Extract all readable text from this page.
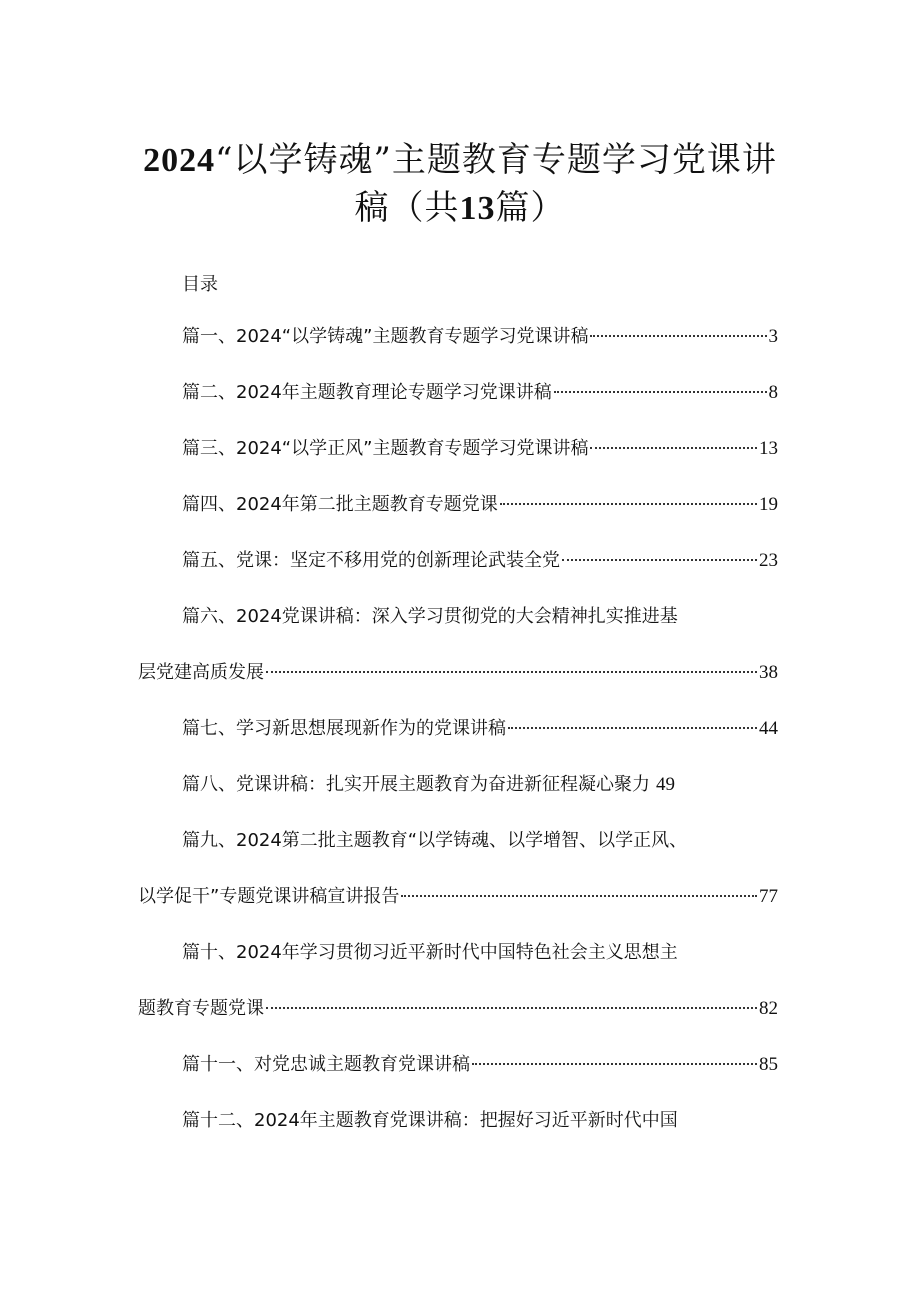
2024“以学铸魂”主题教育专题学习党课讲
稿（共13篇）
目录
篇一、2024“以学铸魂”主题教育专题学习党课讲稿	3
篇二、2024年主题教育理论专题学习党课讲稿	8
篇三、2024“以学正风”主题教育专题学习党课讲稿	13
篇四、2024年第二批主题教育专题党课	19
篇五、党课：坚定不移用党的创新理论武装全党	23
篇六、2024党课讲稿：深入学习贯彻党的大会精神扎实推进基
层党建高质发展	38
篇七、学习新思想展现新作为的党课讲稿	44
篇八、党课讲稿：扎实开展主题教育为奋进新征程凝心聚力 49
篇九、2024第二批主题教育“以学铸魂、以学增智、以学正风、
以学促干”专题党课讲稿宣讲报告	77
篇十、2024年学习贯彻习近平新时代中国特色社会主义思想主
题教育专题党课	82
篇十一、对党忠诚主题教育党课讲稿	85
篇十二、2024年主题教育党课讲稿：把握好习近平新时代中国
